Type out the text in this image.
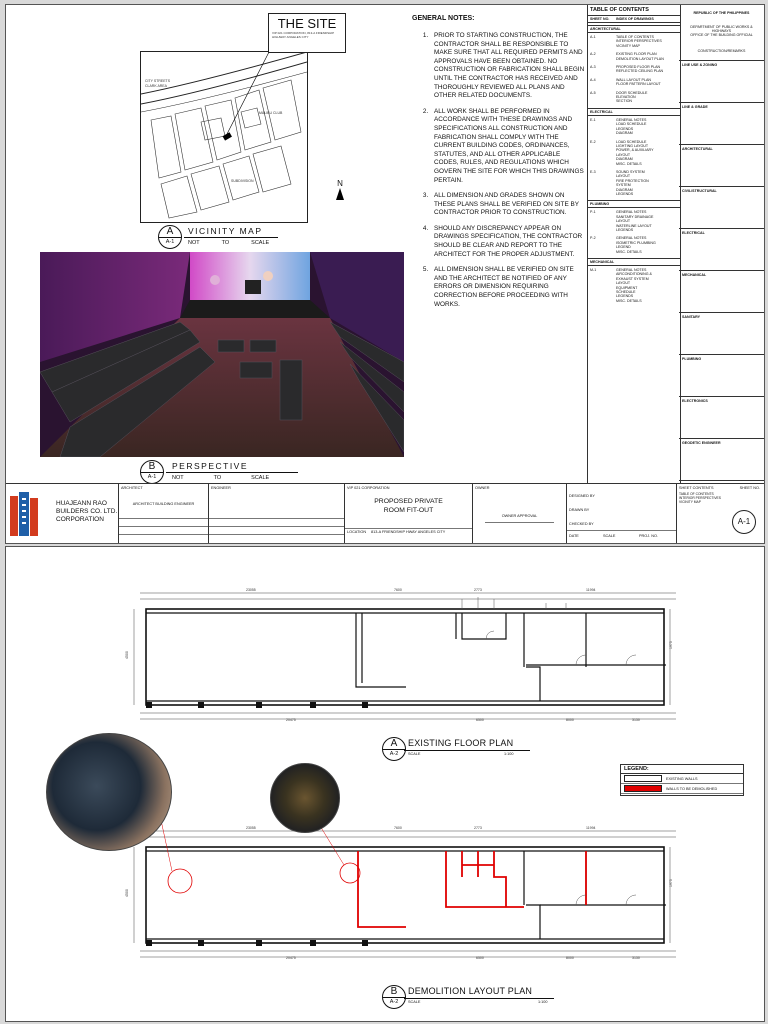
CITY STREETS
CLARK AREA
MALIBU CLUB
SUBDIVISION
THE SITE
VIP 021 CORPORATION, 813-A FRIENDSHIP HIGHWAY ANGELES CITY
N
A
A-1
VICINITY MAP
NOT	TO	SCALE
B
A-1
PERSPECTIVE
NOT	TO	SCALE
GENERAL NOTES:
1. PRIOR TO STARTING CONSTRUCTION, THE CONTRACTOR SHALL BE RESPONSIBLE TO MAKE SURE THAT ALL REQUIRED PERMITS AND APPROVALS HAVE BEEN OBTAINED. NO CONSTRUCTION OR FABRICATION SHALL BEGIN UNTIL THE CONTRACTOR HAS RECEIVED AND THOROUGHLY REVIEWED ALL PLANS AND OTHER RELATED DOCUMENTS.
2. ALL WORK SHALL BE PERFORMED IN ACCORDANCE WITH THESE DRAWINGS AND SPECIFICATIONS ALL CONSTRUCTION AND FABRICATION SHALL COMPLY WITH THE CURRENT BUILDING CODES, ORDINANCES, STATUTES, AND ALL OTHER APPLICABLE CODES, RULES, AND REGULATIONS WHICH GOVERN THE SITE FOR WHICH THIS DRAWINGS PERTAIN.
3. ALL DIMENSION AND GRADES SHOWN ON THESE PLANS SHALL BE VERIFIED ON SITE BY CONTRACTOR PRIOR TO CONSTRUCTION.
4. SHOULD ANY DISCREPANCY APPEAR ON DRAWINGS SPECIFICATION, THE CONTRACTOR SHOULD BE CLEAR AND REPORT TO THE ARCHITECT FOR THE PROPER ADJUSTMENT.
5. ALL DIMENSION SHALL BE VERIFIED ON SITE AND THE ARCHITECT BE NOTIFIED OF ANY ERRORS OR DIMENSION REQUIRING CORRECTION BEFORE PROCEEDING WITH WORKS.
TABLE OF CONTENTS
SHEET NO.	INDEX OF DRAWINGS
ARCHITECTURAL
A-1	TABLE OF CONTENTS
INTERIOR PERSPECTIVES
VICINITY MAP
A-2	EXISTING FLOOR PLAN
DEMOLITION LAYOUT PLAN
A-3	PROPOSED FLOOR PLAN
REFLECTED CEILING PLAN
A-4	WALL LAYOUT PLAN
FLOOR PATTERN LAYOUT
A-5	DOOR SCHEDULE
ELEVATION
SECTION
ELECTRICAL
E-1	GENERAL NOTES
LOAD SCHEDULE
LEGENDS
DIAGRAM
E-2	LOAD SCHEDULE
LIGHTING LAYOUT
POWER, & AUXILIARY
LAYOUT
DIAGRAM
MISC. DETAILS
E-3	SOUND SYSTEM
LAYOUT
FIRE PROTECTION
SYSTEM
DIAGRAM
LEGENDS
PLUMBING
P-1	GENERAL NOTES
SANITARY DRAINAGE
LAYOUT
WATERLINE LAYOUT
LEGENDS
P-2	GENERAL NOTES
ISOMETRIC PLUMBING
LEGEND
MISC. DETAILS
MECHANICAL
M-1	GENERAL NOTES
AIRCONDITIONING &
EXHAUST SYSTEM
LAYOUT
EQUIPMENT
SCHEDULE
LEGENDS
MISC. DETAILS
REPUBLIC OF THE PHILIPPINES
DEPARTMENT OF PUBLIC WORKS & HIGHWAYS
OFFICE OF THE BUILDING OFFICIAL
CONSTRUCTION/REMARKS
LINE USE & ZONING
LINE & GRADE
ARCHITECTURAL
CIVIL/STRUCTURAL
ELECTRICAL
MECHANICAL
SANITARY
PLUMBING
ELECTRONICS
GEODETIC ENGINEER
HUAJEANN RAO
BUILDERS CO. LTD.
CORPORATION
ARCHITECT
ARCHITECT BUILDING ENGINEER
ENGINEER	VIP 021 CORPORATION
PROPOSED PRIVATE
ROOM FIT-OUT
LOCATION 813-A FRIENDSHIP HWAY ANGELES CITY
OWNER
OWNER APPROVAL
DESIGNED BY
DRAWN BY
CHECKED BY
DATE	SCALE	PROJ. NO.
SHEET CONTENTS
TABLE OF CONTENTS
INTERIOR PERSPECTIVES
VICINITY MAP
SHEET NO.
A-1
23055	7600	2773	11994
20475	6500	8000	3130
4500
1975
23055	7600	2773	11994
20475	6500	8000	3130
4500
1975
A
A-2
EXISTING FLOOR PLAN
SCALE	1:100
B
A-2
DEMOLITION LAYOUT PLAN
SCALE	1:100
LEGEND:
EXISTING WALLS
WALLS TO BE DEMOLISHED
